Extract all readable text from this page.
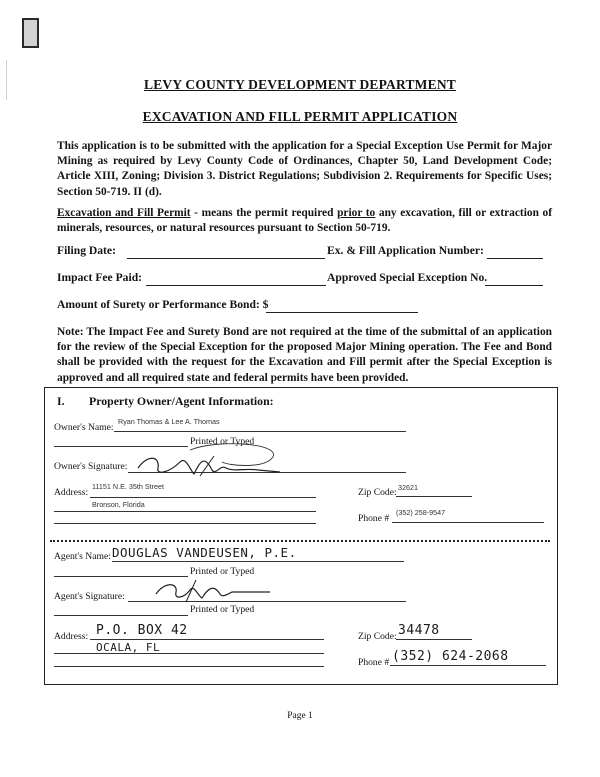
LEVY COUNTY DEVELOPMENT DEPARTMENT
EXCAVATION AND FILL PERMIT APPLICATION
This application is to be submitted with the application for a Special Exception Use Permit for Major Mining as required by Levy County Code of Ordinances, Chapter 50, Land Development Code; Article XIII, Zoning; Division 3. District Regulations; Subdivision 2. Requirements for Specific Uses; Section 50-719. II (d).
Excavation and Fill Permit - means the permit required prior to any excavation, fill or extraction of minerals, resources, or natural resources pursuant to Section 50-719.
Filing Date:	Ex. & Fill Application Number:
Impact Fee Paid:	Approved Special Exception No.
Amount of Surety or Performance Bond: $
Note: The Impact Fee and Surety Bond are not required at the time of the submittal of an application for the review of the Special Exception for the proposed Major Mining operation. The Fee and Bond shall be provided with the request for the Excavation and Fill permit after the Special Exception is approved and all required state and federal permits have been provided.
I. Property Owner/Agent Information:
Owner's Name:
Ryan Thomas & Lee A. Thomas
Printed or Typed
Owner's Signature:
Address:
11151 N.E. 35th Street
Bronson, Florida
Zip Code: 32621
Phone #
(352) 258-9547
Agent's Name: DOUGLAS VANDEUSEN, P.E.
Printed or Typed
Agent's Signature:
Printed or Typed
Address: P.O. BOX 42
OCALA, FL
Zip Code: 34478
Phone # (352) 624-2068
Page 1
